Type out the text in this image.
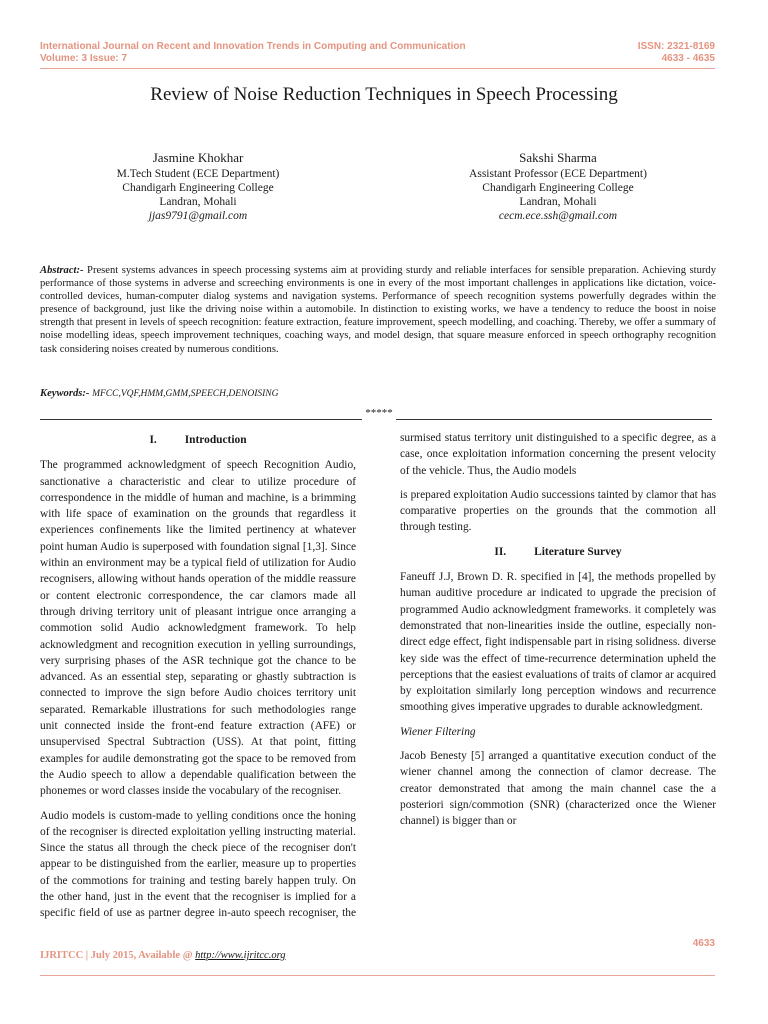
International Journal on Recent and Innovation Trends in Computing and Communication
Volume: 3 Issue: 7
ISSN: 2321-8169
4633 - 4635
Review of Noise Reduction Techniques in Speech Processing
Jasmine Khokhar
M.Tech Student (ECE Department)
Chandigarh Engineering College
Landran, Mohali
jjas9791@gmail.com
Sakshi Sharma
Assistant Professor (ECE Department)
Chandigarh Engineering College
Landran, Mohali
cecm.ece.ssh@gmail.com
Abstract:- Present systems advances in speech processing systems aim at providing sturdy and reliable interfaces for sensible preparation. Achieving sturdy performance of those systems in adverse and screeching environments is one in every of the most important challenges in applications like dictation, voice-controlled devices, human-computer dialog systems and navigation systems. Performance of speech recognition systems powerfully degrades within the presence of background, just like the driving noise within a automobile. In distinction to existing works, we have a tendency to reduce the boost in noise strength that present in levels of speech recognition: feature extraction, feature improvement, speech modelling, and coaching. Thereby, we offer a summary of noise modelling ideas, speech improvement techniques, coaching ways, and model design, that square measure enforced in speech orthography recognition task considering noises created by numerous conditions.
Keywords:- MFCC,VQF,HMM,GMM,SPEECH,DENOISING
*****
I. Introduction

The programmed acknowledgment of speech Recognition Audio, sanctionative a characteristic and clear to utilize procedure of correspondence in the middle of human and machine, is a brimming with life space of examination on the grounds that regardless it experiences confinements like the limited pertinency at whatever point human Audio is superposed with foundation signal [1,3]. Since within an environment may be a typical field of utilization for Audio recognisers, allowing without hands operation of the middle reassure or content electronic correspondence, the car clamors made all through driving territory unit of pleasant intrigue once arranging a commotion solid Audio acknowledgment framework. To help acknowledgment and recognition execution in yelling surroundings, very surprising phases of the ASR technique got the chance to be advanced. As an essential step, separating or ghastly subtraction is connected to improve the sign before Audio choices territory unit separated. Remarkable illustrations for such methodologies range unit connected inside the front-end feature extraction (AFE) or unsupervised Spectral Subtraction (USS). At that point, fitting examples for audile demonstrating got the space to be removed from the Audio speech to allow a dependable qualification between the phonemes or word classes inside the vocabulary of the recogniser.

Audio models is custom-made to yelling conditions once the honing of the recogniser is directed exploitation yelling instructing material. Since the status all through the check piece of the recogniser don't appear to be distinguished from the earlier, measure up to properties of the commotions for training and testing barely happen truly. On the other hand, just in the event that the recogniser is implied for a specific field of use as partner degree in-auto speech recogniser, the

surmised status territory unit distinguished to a specific degree, as a case, once exploitation information concerning the present velocity of the vehicle. Thus, the Audio models

is prepared exploitation Audio successions tainted by clamor that has comparative properties on the grounds that the commotion all through testing.

II. Literature Survey

Faneuff J.J, Brown D. R. specified in [4], the methods propelled by human auditive procedure ar indicated to upgrade the precision of programmed Audio acknowledgment frameworks. it completely was demonstrated that non-linearities inside the outline, especially non-direct edge effect, fight indispensable part in rising solidness. diverse key side was the effect of time-recurrence determination upheld the perceptions that the easiest evaluations of traits of clamor ar acquired by exploitation similarly long perception windows and recurrence smoothing gives imperative upgrades to durable acknowledgment.

Wiener Filtering

Jacob Benesty [5] arranged a quantitative execution conduct of the wiener channel among the connection of clamor decrease. The creator demonstrated that among the main channel case the a posteriori sign/commotion (SNR) (characterized once the Wiener channel) is bigger than or

4633
IJRITCC | July 2015, Available @ http://www.ijritcc.org
